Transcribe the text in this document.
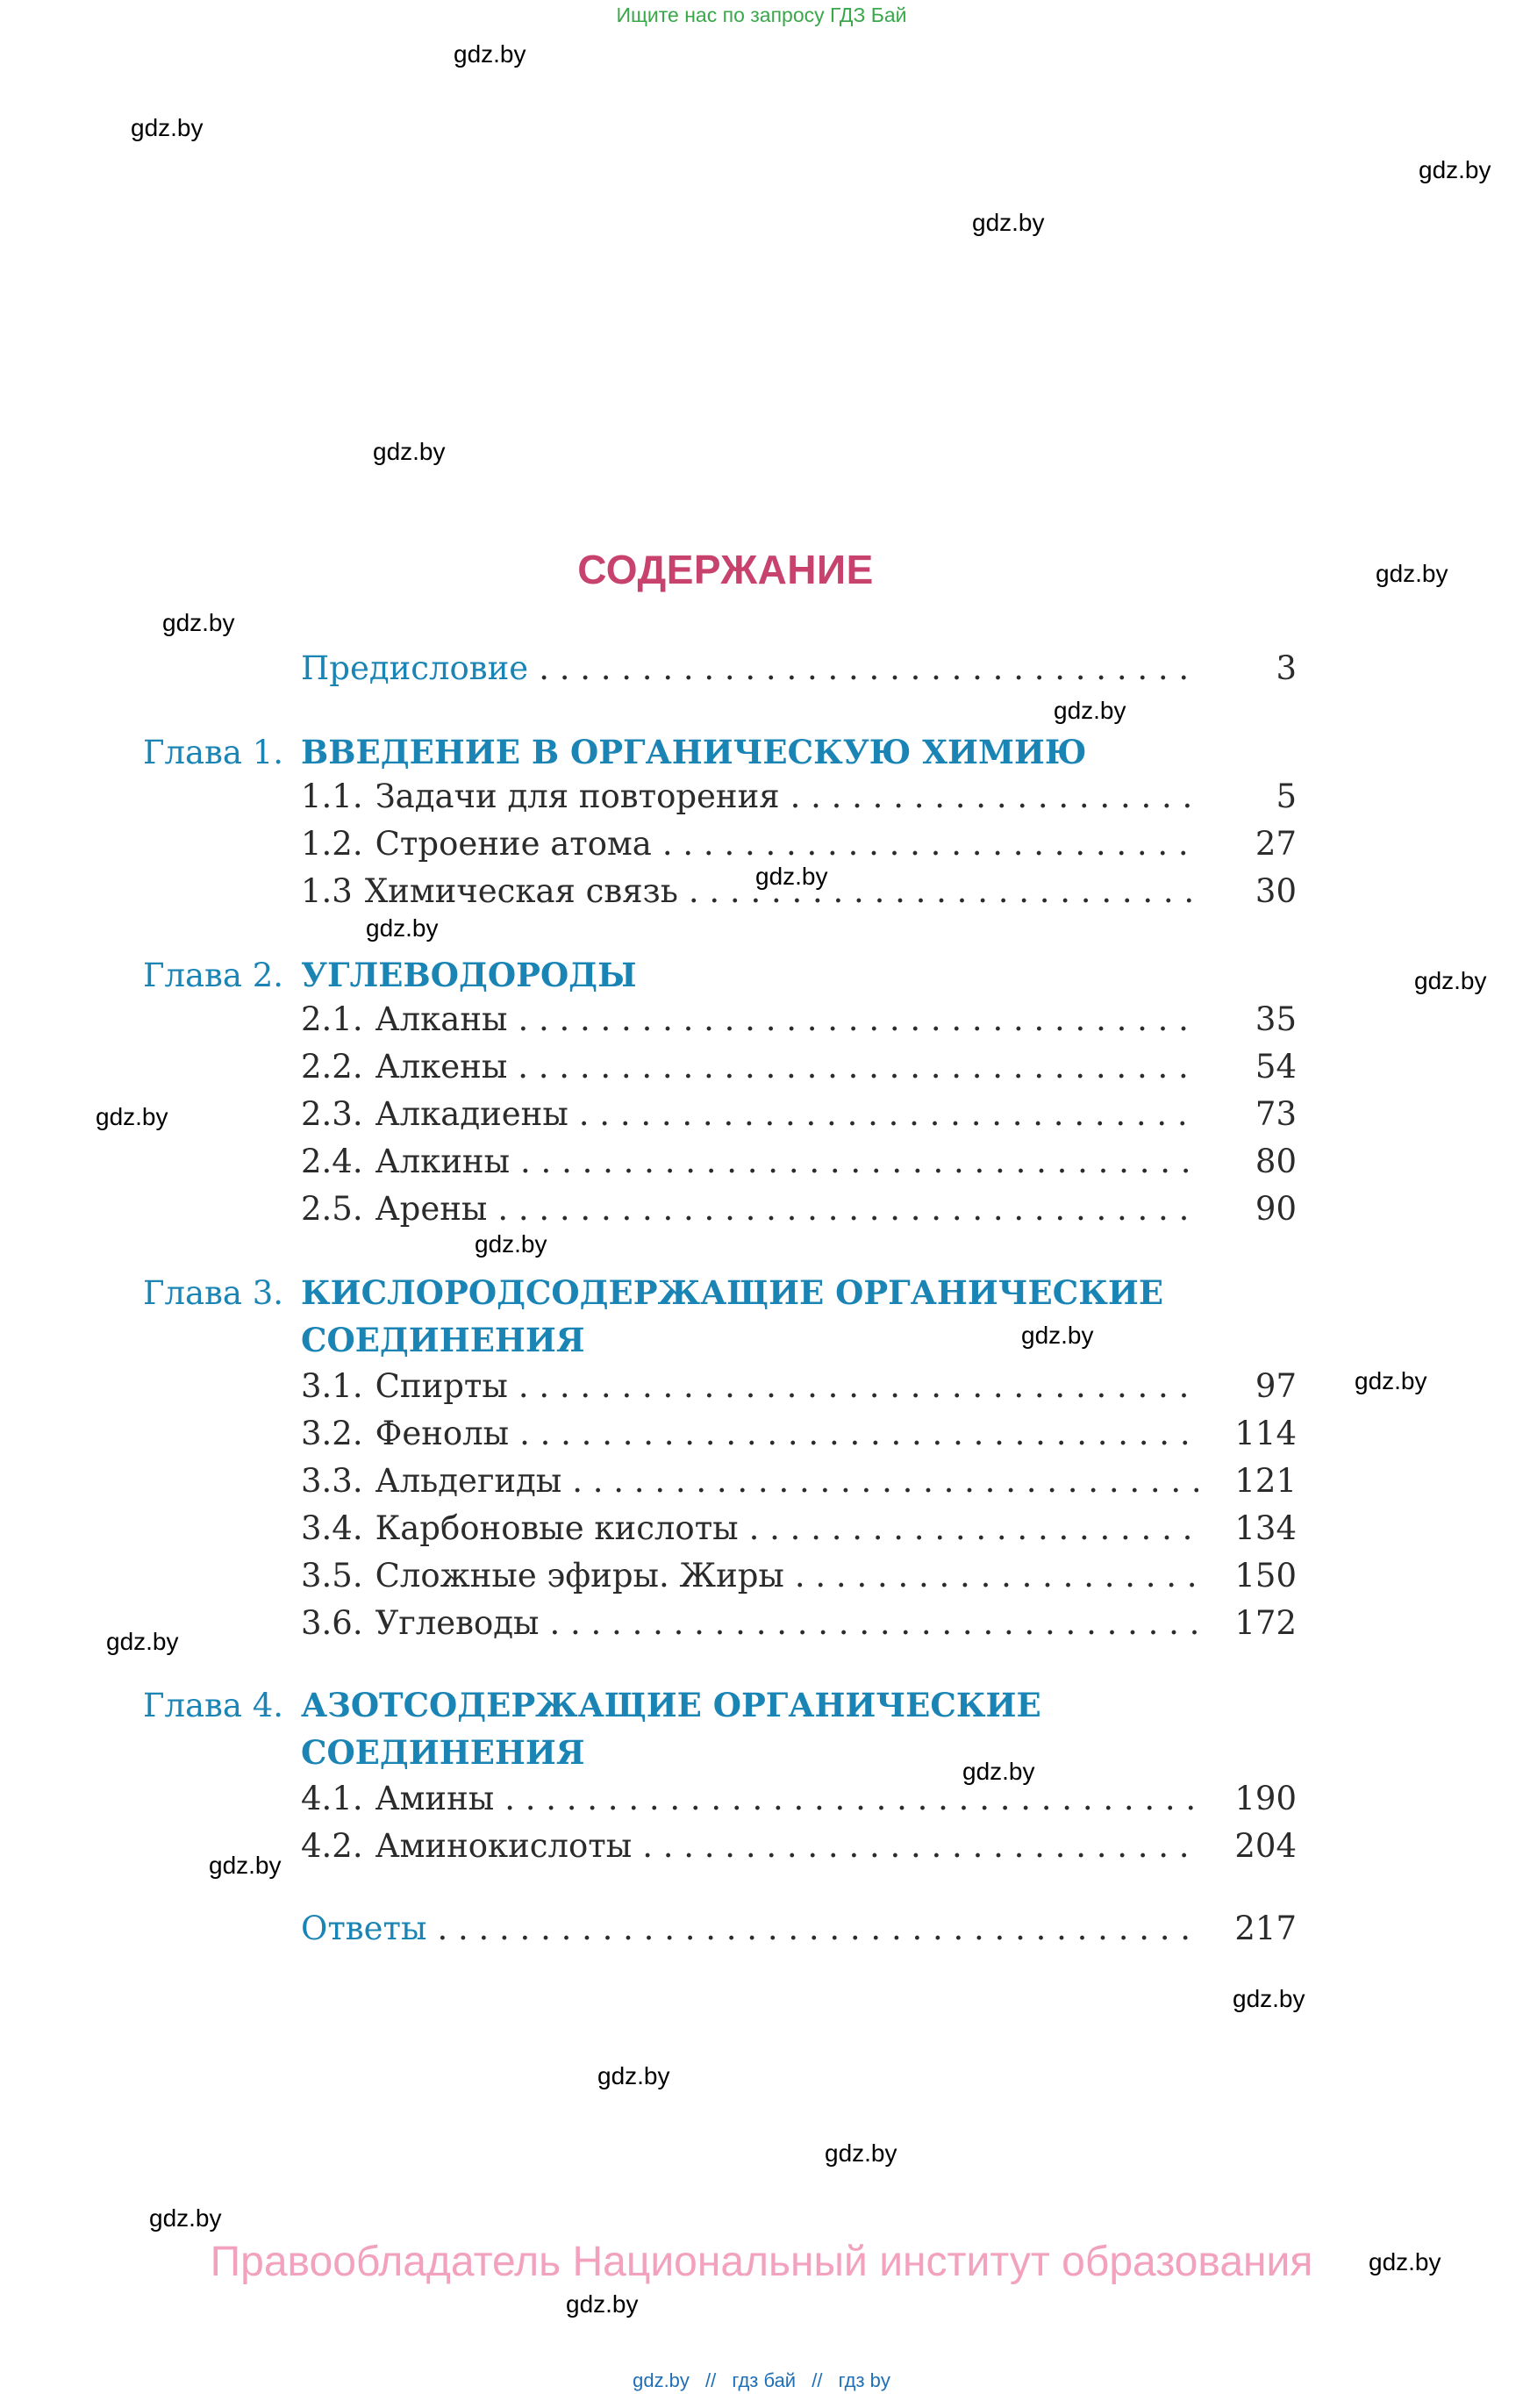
Ищите нас по запросу ГДЗ Бай
gdz.by
gdz.by
gdz.by
gdz.by
gdz.by
gdz.by
gdz.by
gdz.by
gdz.by
gdz.by
gdz.by
gdz.by
gdz.by
gdz.by
gdz.by
gdz.by
gdz.by
gdz.by
gdz.by
gdz.by
gdz.by
gdz.by
gdz.by
gdz.by
СОДЕРЖАНИЕ
Предисловие . . .	3
Глава 1. ВВЕДЕНИЕ В ОРГАНИЧЕСКУЮ ХИМИЮ
1.1. Задачи для повторения . . .	5
1.2. Строение атома . . .	27
1.3 Химическая связь . . .	30
Глава 2. УГЛЕВОДОРОДЫ
2.1. Алканы . . .	35
2.2. Алкены . . .	54
2.3. Алкадиены . . .	73
2.4. Алкины . . .	80
2.5. Арены . . .	90
Глава 3. КИСЛОРОДСОДЕРЖАЩИЕ ОРГАНИЧЕСКИЕ
СОЕДИНЕНИЯ
3.1. Спирты . . .	97
3.2. Фенолы . . .	114
3.3. Альдегиды . . .	121
3.4. Карбоновые кислоты . . .	134
3.5. Сложные эфиры. Жиры . . .	150
3.6. Углеводы . . .	172
Глава 4. АЗОТСОДЕРЖАЩИЕ ОРГАНИЧЕСКИЕ
СОЕДИНЕНИЯ
4.1. Амины . . .	190
4.2. Аминокислоты . . .	204
Ответы . . .	217
Правообладатель Национальный институт образования
gdz.by // гдз бай // гдз by
